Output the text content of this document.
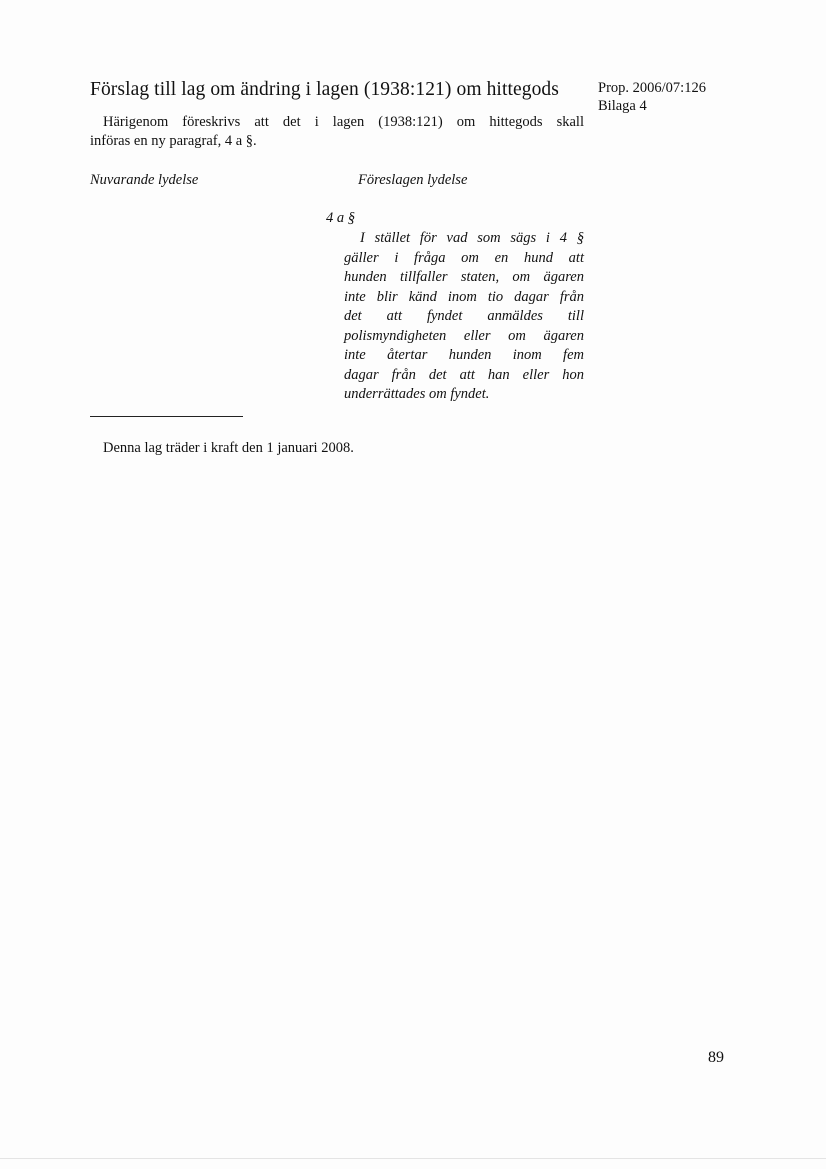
Förslag till lag om ändring i lagen (1938:121) om hittegods	Prop. 2006/07:126
Bilaga 4
Härigenom föreskrivs att det i lagen (1938:121) om hittegods skall
införas en ny paragraf, 4 a §.
Nuvarande lydelse	Föreslagen lydelse
4 a §
I stället för vad som sägs i 4 §
gäller i fråga om en hund att
hunden tillfaller staten, om ägaren
inte blir känd inom tio dagar från
det att fyndet anmäldes till
polismyndigheten eller om ägaren
inte återtar hunden inom fem
dagar från det att han eller hon
underrättades om fyndet.
Denna lag träder i kraft den 1 januari 2008.
89
